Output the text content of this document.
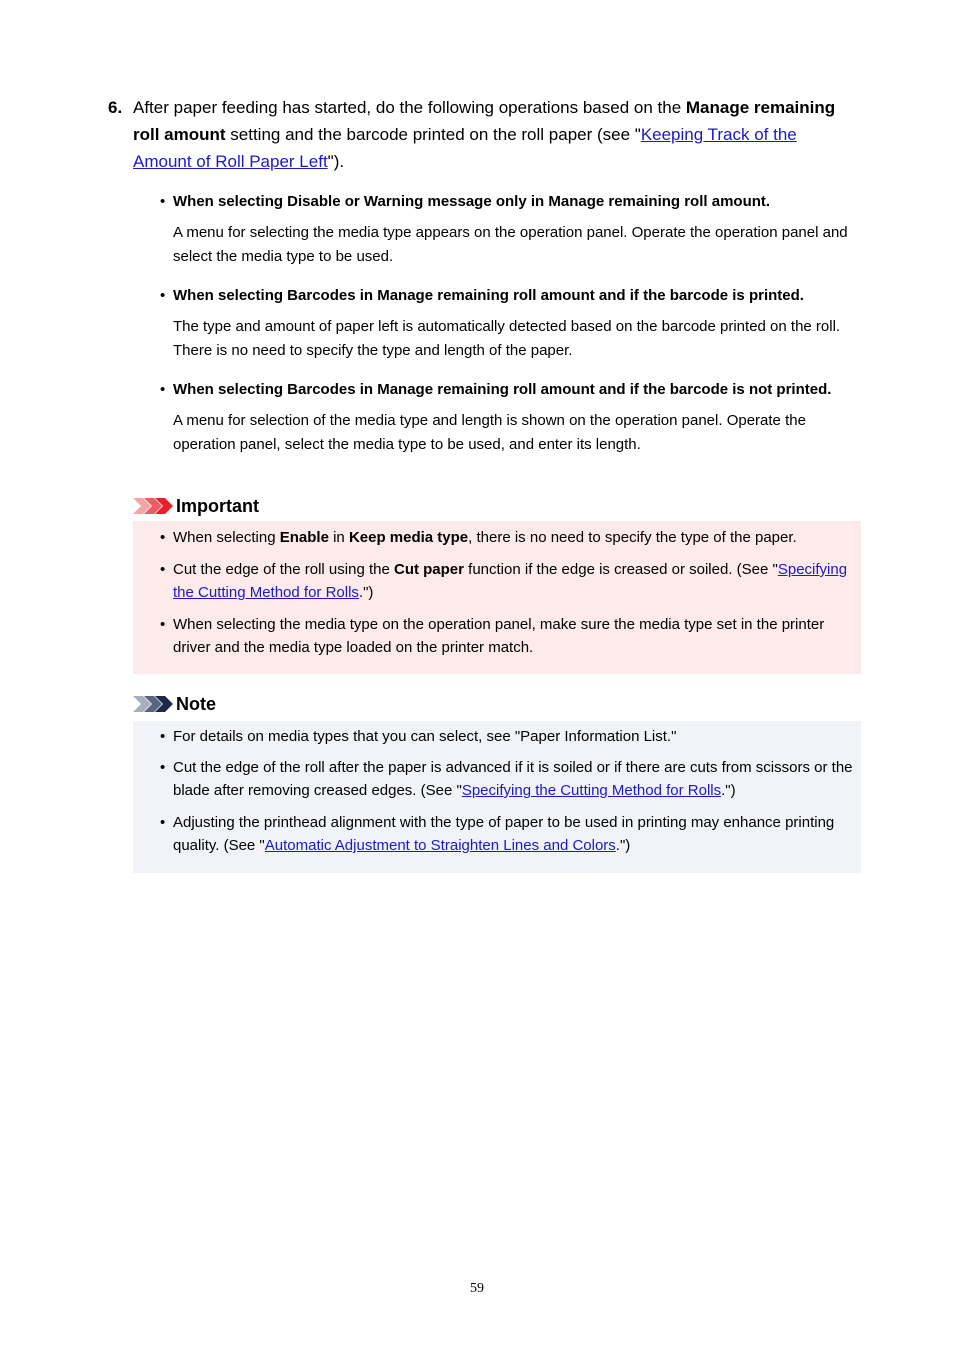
6. After paper feeding has started, do the following operations based on the Manage remaining roll amount setting and the barcode printed on the roll paper (see "Keeping Track of the Amount of Roll Paper Left").
• When selecting Disable or Warning message only in Manage remaining roll amount.
A menu for selecting the media type appears on the operation panel. Operate the operation panel and select the media type to be used.
• When selecting Barcodes in Manage remaining roll amount and if the barcode is printed.
The type and amount of paper left is automatically detected based on the barcode printed on the roll. There is no need to specify the type and length of the paper.
• When selecting Barcodes in Manage remaining roll amount and if the barcode is not printed.
A menu for selection of the media type and length is shown on the operation panel. Operate the operation panel, select the media type to be used, and enter its length.
Important
• When selecting Enable in Keep media type, there is no need to specify the type of the paper.
• Cut the edge of the roll using the Cut paper function if the edge is creased or soiled. (See "Specifying the Cutting Method for Rolls.")
• When selecting the media type on the operation panel, make sure the media type set in the printer driver and the media type loaded on the printer match.
Note
• For details on media types that you can select, see "Paper Information List."
• Cut the edge of the roll after the paper is advanced if it is soiled or if there are cuts from scissors or the blade after removing creased edges. (See "Specifying the Cutting Method for Rolls.")
• Adjusting the printhead alignment with the type of paper to be used in printing may enhance printing quality. (See "Automatic Adjustment to Straighten Lines and Colors.")
59
